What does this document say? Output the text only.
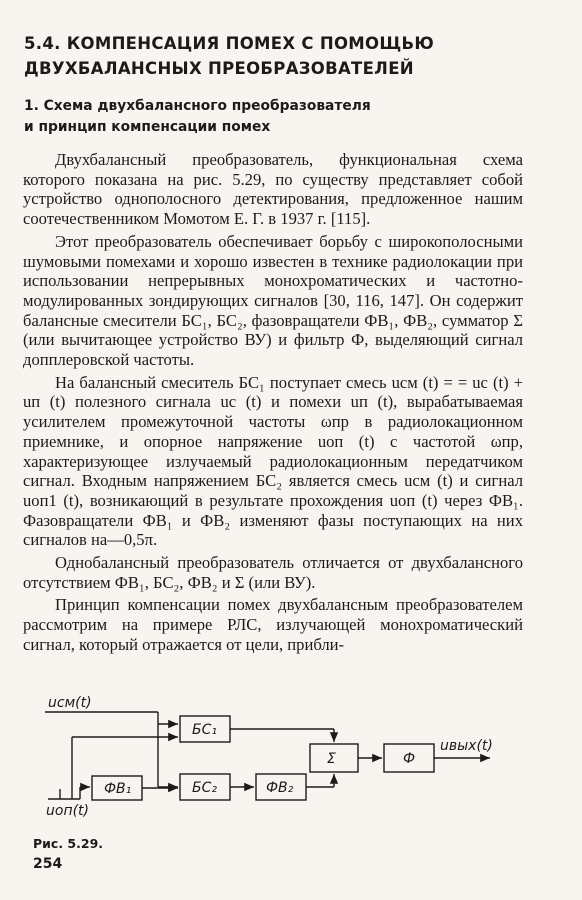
5.4. КОМПЕНСАЦИЯ ПОМЕХ С ПОМОЩЬЮ
ДВУХБАЛАНСНЫХ ПРЕОБРАЗОВАТЕЛЕЙ
1. Схема двухбалансного преобразователя
и принцип компенсации помех

Двухбалансный преобразователь, функциональная схема которого показана на рис. 5.29, по существу представляет собой устройство однополосного детектирования, предложенное нашим соотечественником Момотом Е. Г. в 1937 г. [115].

Этот преобразователь обеспечивает борьбу с широкополосными шумовыми помехами и хорошо известен в технике радиолокации при использовании непрерывных монохроматических и частотно-модулированных зондирующих сигналов [30, 116, 147]. Он содержит балансные смесители БС₁, БС₂, фазовращатели ФВ₁, ФВ₂, сумматор Σ (или вычитающее устройство ВУ) и фильтр Ф, выделяющий сигнал допплеровской частоты.

На балансный смеситель БС₁ поступает смесь uсм (t) = = uс (t) + uп (t) полезного сигнала uс (t) и помехи uп (t), вырабатываемая усилителем промежуточной частоты ωпр в радиолокационном приемнике, и опорное напряжение uоп (t) с частотой ωпр, характеризующее излучаемый радиолокационным передатчиком сигнал. Входным напряжением БС₂ является смесь uсм (t) и сигнал uоп1 (t), возникающий в результате прохождения uоп (t) через ФВ₁. Фазовращатели ФВ₁ и ФВ₂ изменяют фазы поступающих на них сигналов на—0,5π.

Однобалансный преобразователь отличается от двухбалансного отсутствием ФВ₁, БС₂, ФВ₂ и Σ (или ВУ).

Принцип компенсации помех двухбалансным преобразователем рассмотрим на примере РЛС, излучающей монохроматический сигнал, который отражается от цели, прибли-

uсм(t)
uоп(t)
uвых(t)
БС₁
ФВ₁	БС₂	ФВ₂
Σ	Ф
Рис. 5.29.
254
